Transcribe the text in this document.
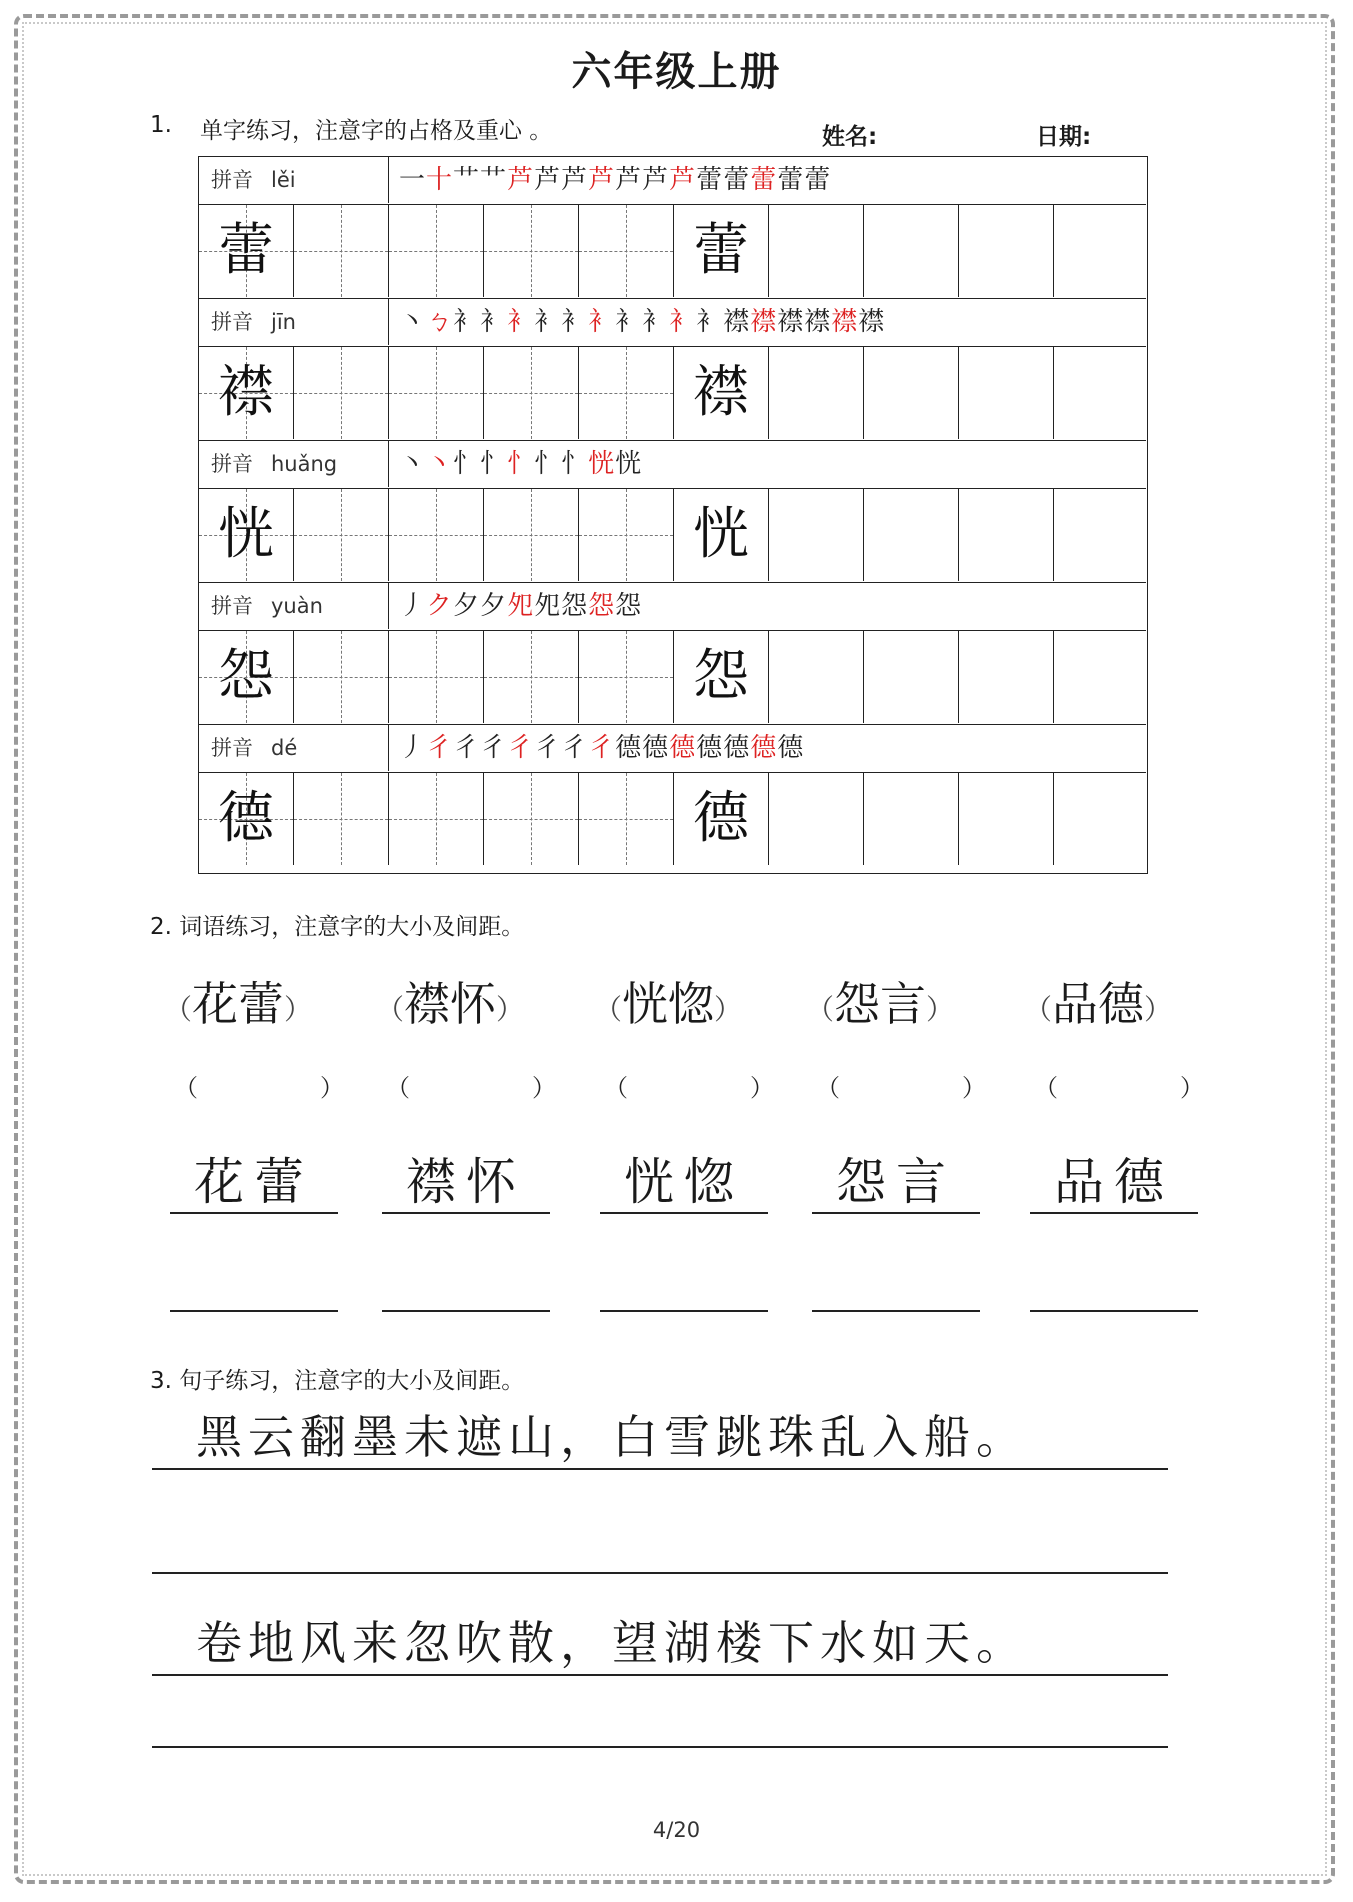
六年级上册
1. 单字练习，注意字的占格及重心 。	姓名:	日期:
拼音 lěi	一十艹艹芦芦芦芦芦芦芦蕾蕾蕾蕾蕾
蕾	蕾
拼音 jīn	丶ㄅ衤衤衤衤衤衤衤衤衤衤襟襟襟襟襟襟
襟	襟
拼音 huǎng	丶丶忄忄忄忄忄恍恍
恍	恍
拼音 yuàn	丿ク夕夕夗夗怨怨怨
怨	怨
拼音 dé	丿彳彳彳彳彳彳彳德德德德德德德
德	德
2. 词语练习，注意字的大小及间距。
（花蕾）
（	）
花蕾
（襟怀）
（	）
襟怀
（恍惚）
（	）
恍惚
（怨言）
（	）
怨言
（品德）
（	）
品德
3. 句子练习，注意字的大小及间距。
黑云翻墨未遮山，白雪跳珠乱入船。
卷地风来忽吹散，望湖楼下水如天。
4/20
